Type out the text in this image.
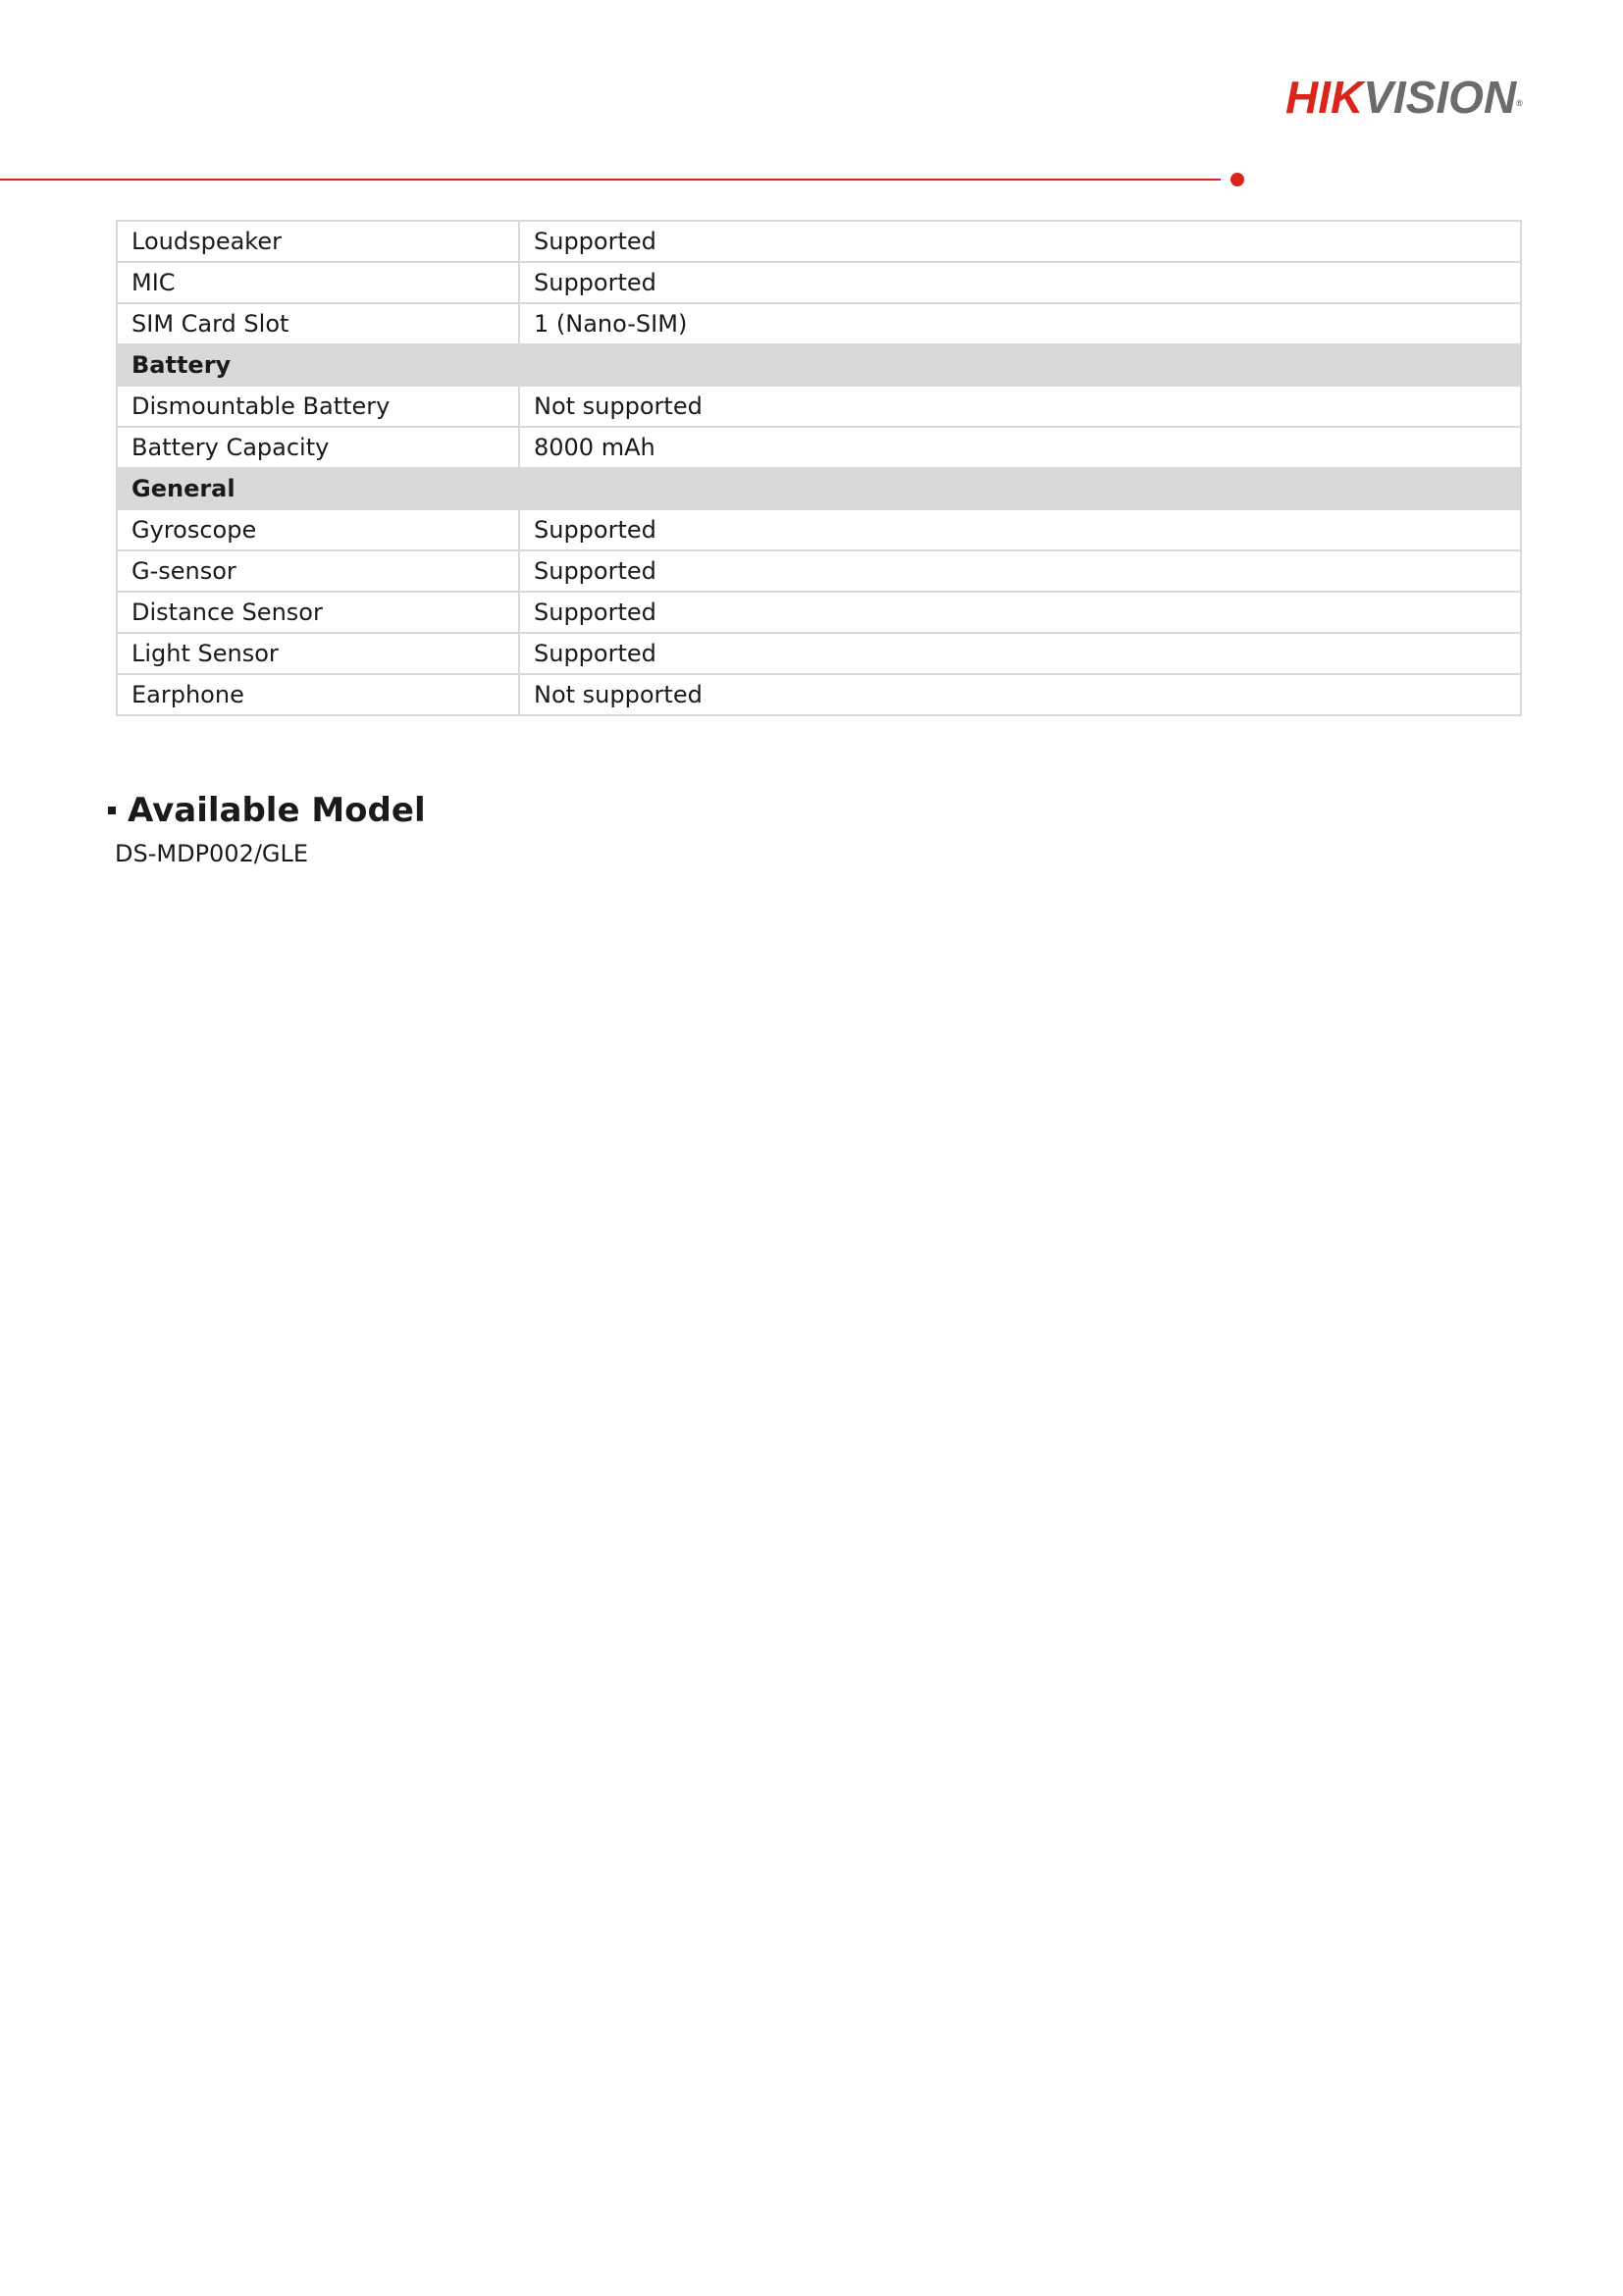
HIKVISION®
Loudspeaker	Supported
MIC	Supported
SIM Card Slot	1 (Nano-SIM)
Battery	
Dismountable Battery	Not supported
Battery Capacity	8000 mAh
General	
Gyroscope	Supported
G-sensor	Supported
Distance Sensor	Supported
Light Sensor	Supported
Earphone	Not supported
Available Model
DS-MDP002/GLE
